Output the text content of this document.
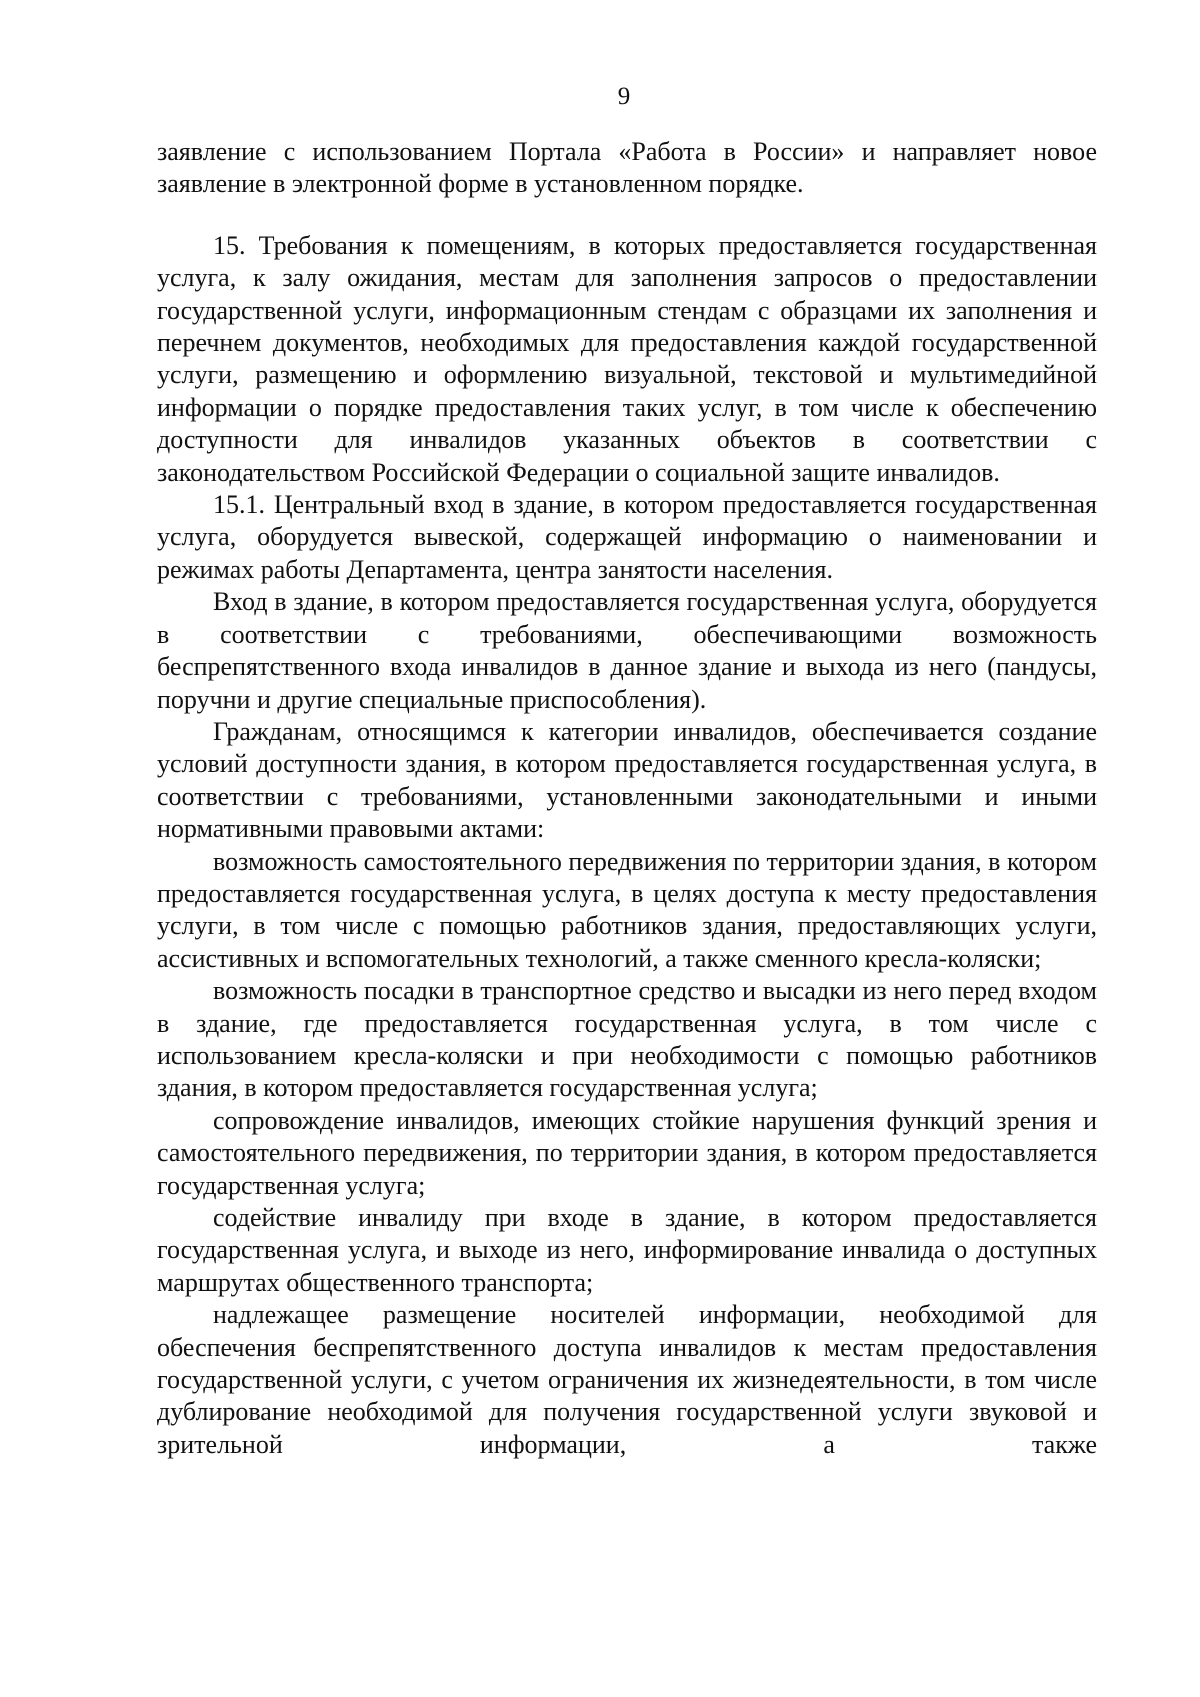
9

заявление с использованием Портала «Работа в России» и направляет новое заявление в электронной форме в установленном порядке.

15. Требования к помещениям, в которых предоставляется государственная услуга, к залу ожидания, местам для заполнения запросов о предоставлении государственной услуги, информационным стендам с образцами их заполнения и перечнем документов, необходимых для предоставления каждой государственной услуги, размещению и оформлению визуальной, текстовой и мультимедийной информации о порядке предоставления таких услуг, в том числе к обеспечению доступности для инвалидов указанных объектов в соответствии с законодательством Российской Федерации о социальной защите инвалидов.

15.1. Центральный вход в здание, в котором предоставляется государственная услуга, оборудуется вывеской, содержащей информацию о наименовании и режимах работы Департамента, центра занятости населения.

Вход в здание, в котором предоставляется государственная услуга, оборудуется в соответствии с требованиями, обеспечивающими возможность беспрепятственного входа инвалидов в данное здание и выхода из него (пандусы, поручни и другие специальные приспособления).

Гражданам, относящимся к категории инвалидов, обеспечивается создание условий доступности здания, в котором предоставляется государственная услуга, в соответствии с требованиями, установленными законодательными и иными нормативными правовыми актами:

возможность самостоятельного передвижения по территории здания, в котором предоставляется государственная услуга, в целях доступа к месту предоставления услуги, в том числе с помощью работников здания, предоставляющих услуги, ассистивных и вспомогательных технологий, а также сменного кресла-коляски;

возможность посадки в транспортное средство и высадки из него перед входом в здание, где предоставляется государственная услуга, в том числе с использованием кресла-коляски и при необходимости с помощью работников здания, в котором предоставляется государственная услуга;

сопровождение инвалидов, имеющих стойкие нарушения функций зрения и самостоятельного передвижения, по территории здания, в котором предоставляется государственная услуга;

содействие инвалиду при входе в здание, в котором предоставляется государственная услуга, и выходе из него, информирование инвалида о доступных маршрутах общественного транспорта;

надлежащее размещение носителей информации, необходимой для обеспечения беспрепятственного доступа инвалидов к местам предоставления государственной услуги, с учетом ограничения их жизнедеятельности, в том числе дублирование необходимой для получения государственной услуги звуковой и зрительной информации, а также
